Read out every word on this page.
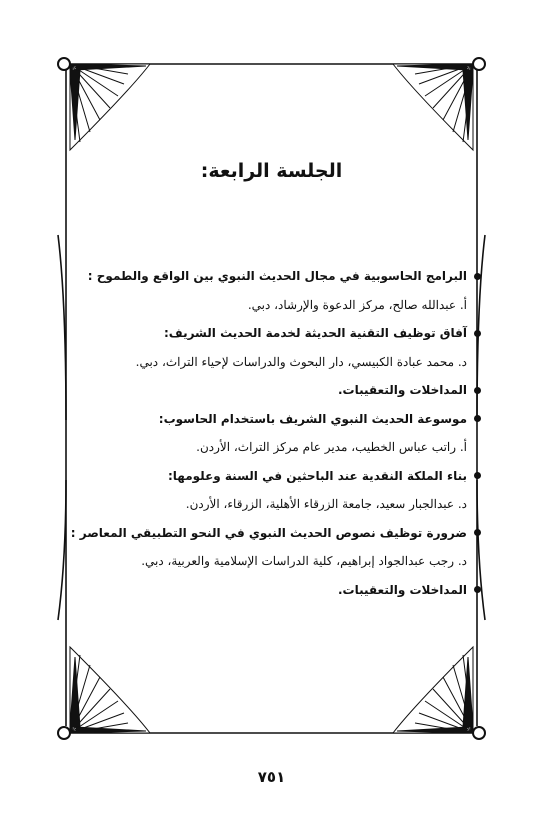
الجلسة الرابعة:
البرامج الحاسوبية في مجال الحديث النبوي بين الواقع والطموح :
أ. عبدالله صالح، مركز الدعوة والإرشاد، دبي.
آفاق توظيف التقنية الحديثة لخدمة الحديث الشريف:
د. محمد عبادة الكبيسي، دار البحوث والدراسات لإحياء التراث، دبي.
المداخلات والتعقيبات.
موسوعة الحديث النبوي الشريف باستخدام الحاسوب:
أ. راتب عباس الخطيب، مدير عام مركز التراث، الأردن.
بناء الملكة النقدية عند الباحثين في السنة وعلومها:
د. عبدالجبار سعيد، جامعة الزرقاء الأهلية، الزرقاء، الأردن.
ضرورة توظيف نصوص الحديث النبوي في النحو التطبيقي المعاصر :
د. رجب عبدالجواد إبراهيم، كلية الدراسات الإسلامية والعربية، دبي.
المداخلات والتعقيبات.
٧٥١
